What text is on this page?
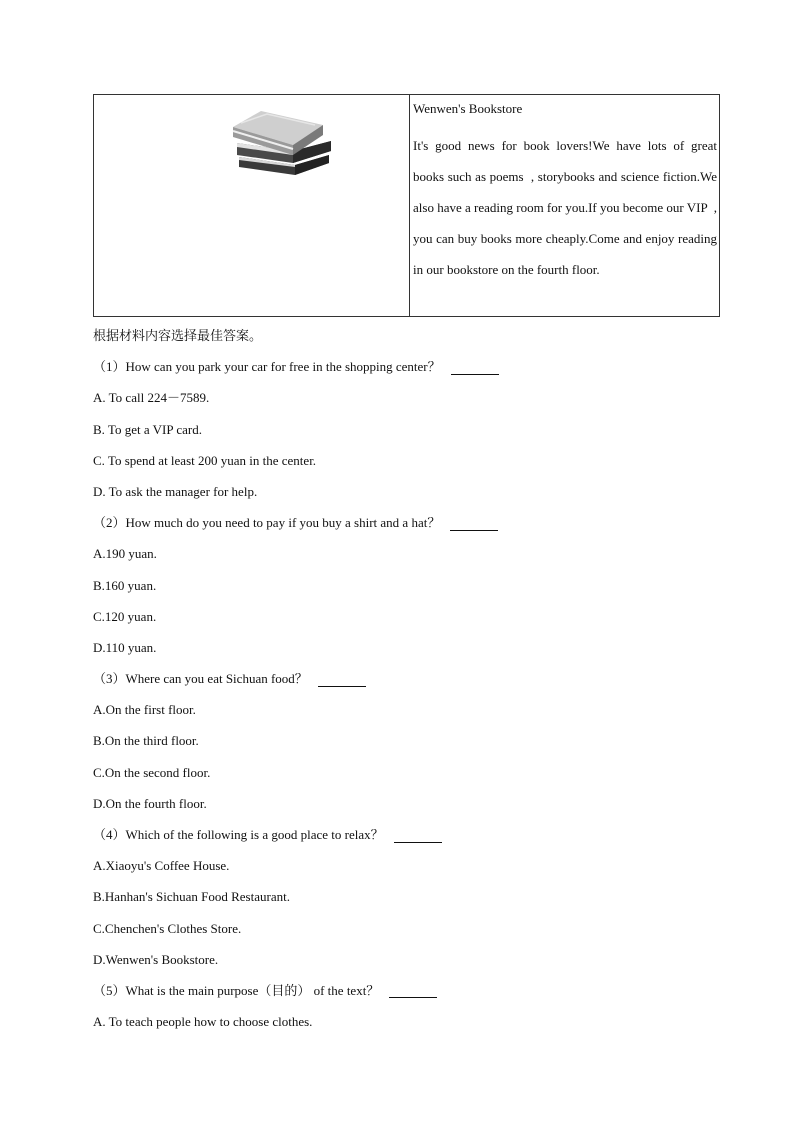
Wenwen's Bookstore
It's good news for book lovers!We have lots of great books such as poems  , storybooks and science fiction.We also have a reading room for you.If you become our VIP  , you can buy books more cheaply.Come and enjoy reading in our bookstore on the fourth floor.
根据材料内容选择最佳答案。
（1）How can you park your car for free in the shopping center？
A. To call 224－7589.
B. To get a VIP card.
C. To spend at least 200 yuan in the center.
D. To ask the manager for help.
（2）How much do you need to pay if you buy a shirt and a hat？
A.190 yuan.
B.160 yuan.
C.120 yuan.
D.110 yuan.
（3）Where can you eat Sichuan food？
A.On the first floor.
B.On the third floor.
C.On the second floor.
D.On the fourth floor.
（4）Which of the following is a good place to relax？
A.Xiaoyu's Coffee House.
B.Hanhan's Sichuan Food Restaurant.
C.Chenchen's Clothes Store.
D.Wenwen's Bookstore.
（5）What is the main purpose（目的） of the text？
A. To teach people how to choose clothes.
